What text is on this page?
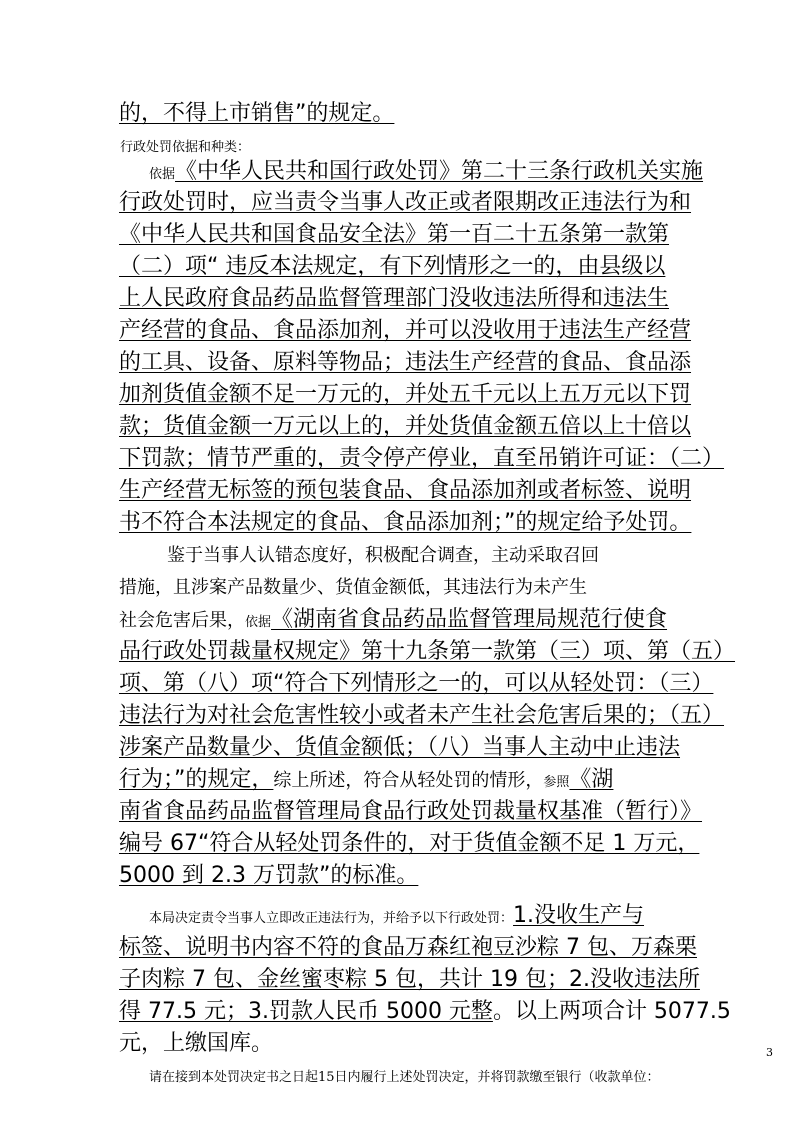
的，不得上市销售”的规定。
行政处罚依据和种类：
依据《中华人民共和国行政处罚》第二十三条行政机关实施
行政处罚时，应当责令当事人改正或者限期改正违法行为和
《中华人民共和国食品安全法》第一百二十五条第一款第
（二）项“ 违反本法规定，有下列情形之一的，由县级以
上人民政府食品药品监督管理部门没收违法所得和违法生
产经营的食品、食品添加剂，并可以没收用于违法生产经营
的工具、设备、原料等物品；违法生产经营的食品、食品添
加剂货值金额不足一万元的，并处五千元以上五万元以下罚
款；货值金额一万元以上的，并处货值金额五倍以上十倍以
下罚款；情节严重的，责令停产停业，直至吊销许可证：（二）
生产经营无标签的预包装食品、食品添加剂或者标签、说明
书不符合本法规定的食品、食品添加剂；”的规定给予处罚。
鉴于当事人认错态度好，积极配合调查，主动采取召回
措施，且涉案产品数量少、货值金额低，其违法行为未产生
社会危害后果，依据《湖南省食品药品监督管理局规范行使食
品行政处罚裁量权规定》第十九条第一款第（三）项、第（五）
项、第（八）项“符合下列情形之一的，可以从轻处罚：（三）
违法行为对社会危害性较小或者未产生社会危害后果的；（五）
涉案产品数量少、货值金额低；（八）当事人主动中止违法
行为；”的规定，综上所述，符合从轻处罚的情形，参照《湖
南省食品药品监督管理局食品行政处罚裁量权基准（暂行）》
编号 67“符合从轻处罚条件的，对于货值金额不足 1 万元，
5000 到 2.3 万罚款”的标准。
本局决定责令当事人立即改正违法行为，并给予以下行政处罚：1.没收生产与
标签、说明书内容不符的食品万森红袍豆沙粽 7 包、万森栗
子肉粽 7 包、金丝蜜枣粽 5 包，共计 19 包；2.没收违法所
得 77.5 元；3.罚款人民币 5000 元整。以上两项合计 5077.5
元，上缴国库。
请在接到本处罚决定书之日起15日内履行上述处罚决定，并将罚款缴至银行（收款单位：
3
